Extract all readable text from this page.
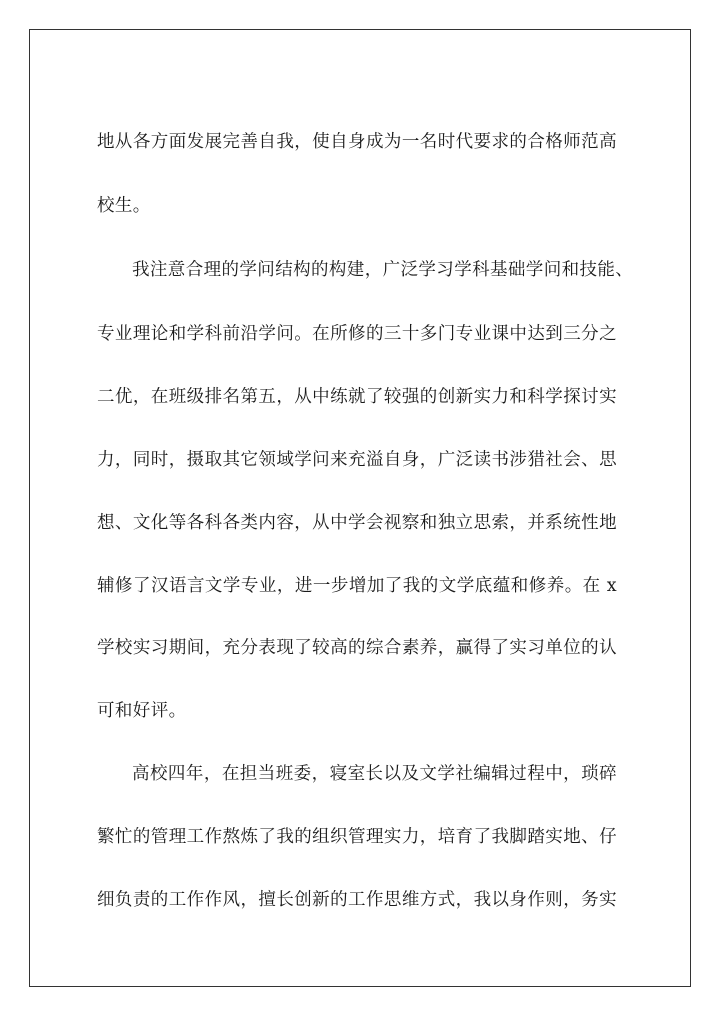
地从各方面发展完善自我，使自身成为一名时代要求的合格师范高
校生。
我注意合理的学问结构的构建，广泛学习学科基础学问和技能、
专业理论和学科前沿学问。在所修的三十多门专业课中达到三分之
二优，在班级排名第五，从中练就了较强的创新实力和科学探讨实
力，同时，摄取其它领域学问来充溢自身，广泛读书涉猎社会、思
想、文化等各科各类内容，从中学会视察和独立思索，并系统性地
辅修了汉语言文学专业，进一步增加了我的文学底蕴和修养。在 x
学校实习期间，充分表现了较高的综合素养，赢得了实习单位的认
可和好评。
高校四年，在担当班委，寝室长以及文学社编辑过程中，琐碎
繁忙的管理工作熬炼了我的组织管理实力，培育了我脚踏实地、仔
细负责的工作作风，擅长创新的工作思维方式，我以身作则，务实
